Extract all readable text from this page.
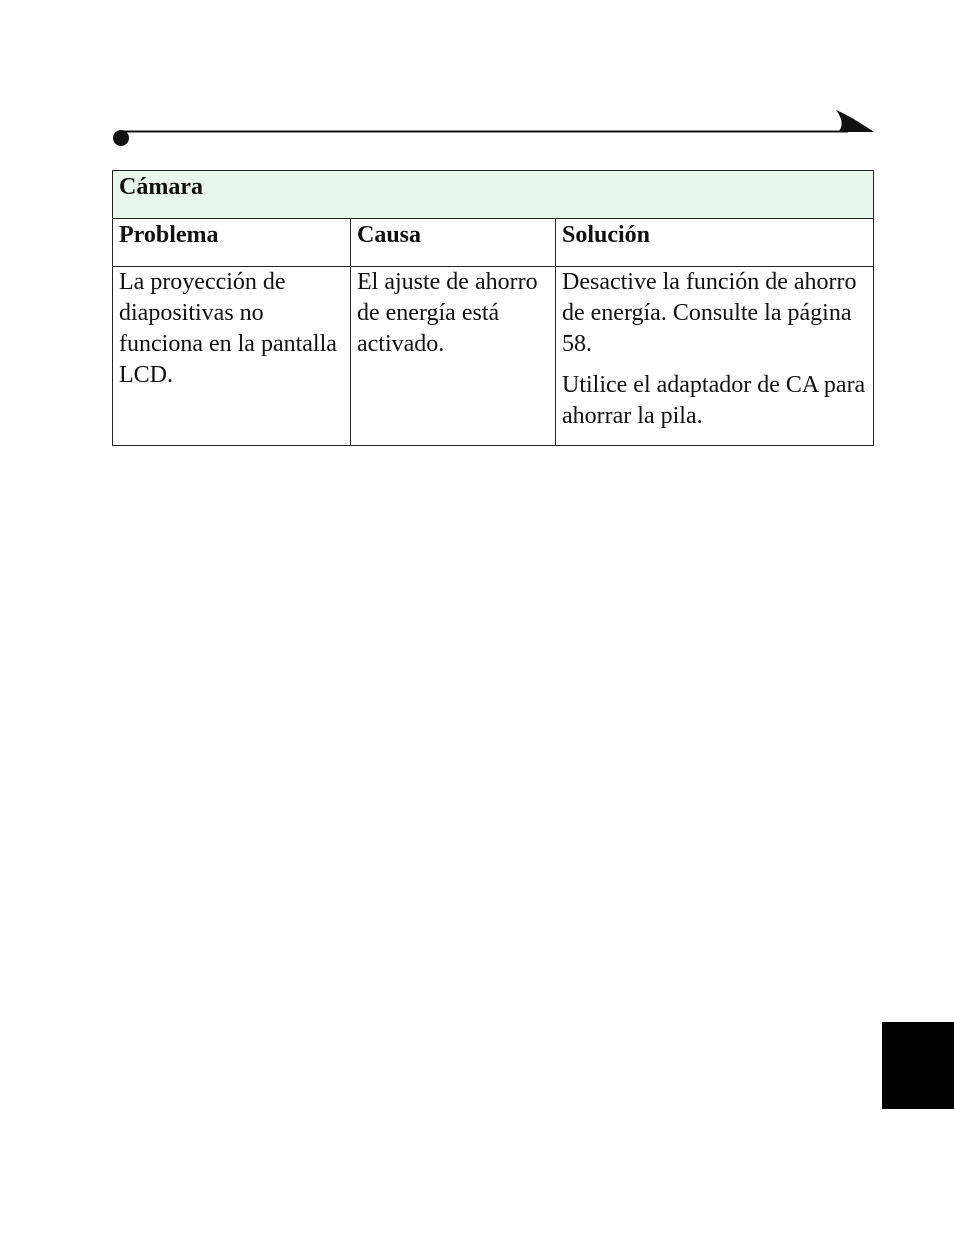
Cámara		
Problema	Causa	Solución

La proyección de diapositivas no funciona en la pantalla LCD.	El ajuste de ahorro de energía está activado.	Desactive la función de ahorro de energía. Consulte la página 58.

Utilice el adaptador de CA para ahorrar la pila.
